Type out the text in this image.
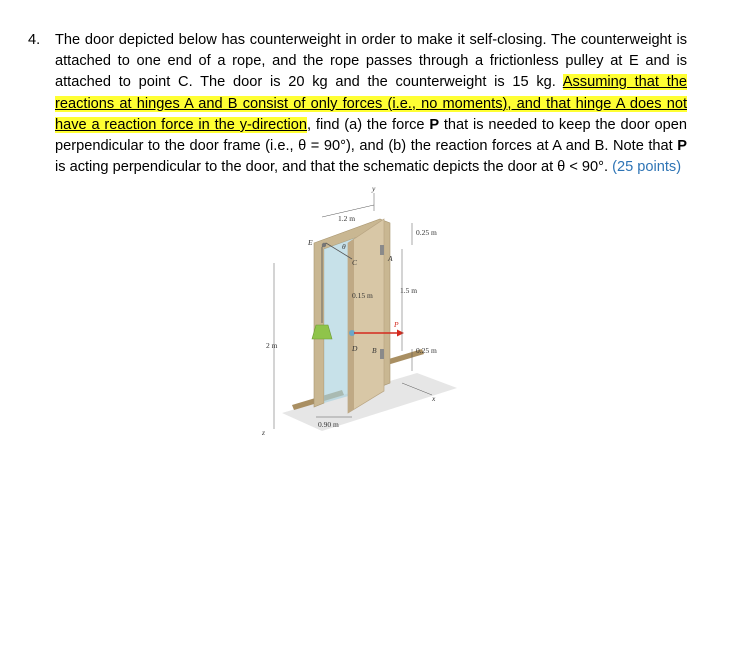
4. The door depicted below has counterweight in order to make it self-closing. The counterweight is attached to one end of a rope, and the rope passes through a frictionless pulley at E and is attached to point C. The door is 20 kg and the counterweight is 15 kg. Assuming that the reactions at hinges A and B consist of only forces (i.e., no moments), and that hinge A does not have a reaction force in the y-direction, find (a) the force P that is needed to keep the door open perpendicular to the door frame (i.e., θ = 90°), and (b) the reaction forces at A and B. Note that P is acting perpendicular to the door, and that the schematic depicts the door at θ < 90°. (25 points)
1.2 m
0.25 m
1.5 m
0.25 m
0.15 m
2 m
0.90 m
E
C	A
B
D
P
θ
x
y
z
